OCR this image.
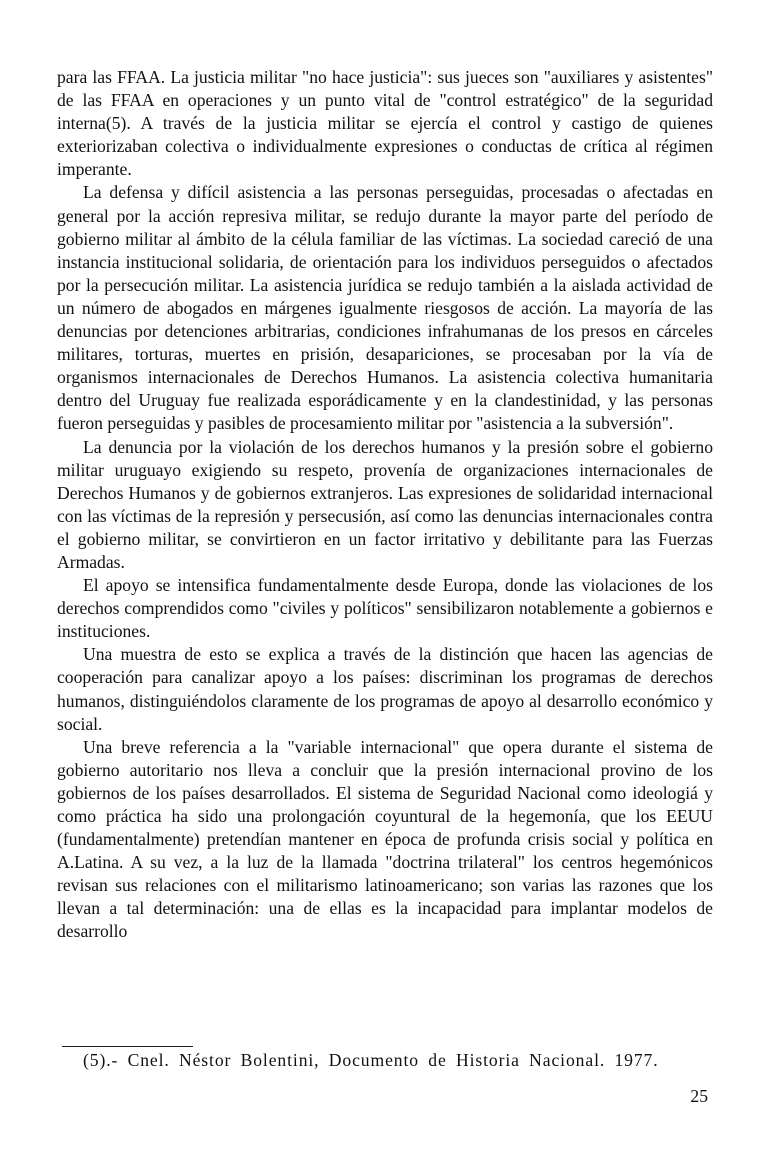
para las FFAA. La justicia militar "no hace justicia": sus jueces son "auxiliares y asistentes" de las FFAA en operaciones y un punto vital de "control estratégico" de la seguridad interna(5). A través de la justicia militar se ejercía el control y castigo de quienes exteriorizaban colectiva o individualmente expresiones o conductas de crítica al régimen imperante.

La defensa y difícil asistencia a las personas perseguidas, procesadas o afectadas en general por la acción represiva militar, se redujo durante la mayor parte del período de gobierno militar al ámbito de la célula familiar de las víctimas. La sociedad careció de una instancia institucional solidaria, de orientación para los individuos perseguidos o afectados por la persecución militar. La asistencia jurídica se redujo también a la aislada actividad de un número de abogados en márgenes igualmente riesgosos de acción. La mayoría de las denuncias por detenciones arbitrarias, condiciones infrahumanas de los presos en cárceles militares, torturas, muertes en prisión, desapariciones, se procesaban por la vía de organismos internacionales de Derechos Humanos. La asistencia colectiva humanitaria dentro del Uruguay fue realizada esporádicamente y en la clandestinidad, y las personas fueron perseguidas y pasibles de procesamiento militar por "asistencia a la subversión".

La denuncia por la violación de los derechos humanos y la presión sobre el gobierno militar uruguayo exigiendo su respeto, provenía de organizaciones internacionales de Derechos Humanos y de gobiernos extranjeros. Las expresiones de solidaridad internacional con las víctimas de la represión y persecusión, así como las denuncias internacionales contra el gobierno militar, se convirtieron en un factor irritativo y debilitante para las Fuerzas Armadas.

El apoyo se intensifica fundamentalmente desde Europa, donde las violaciones de los derechos comprendidos como "civiles y políticos" sensibilizaron notablemente a gobiernos e instituciones.

Una muestra de esto se explica a través de la distinción que hacen las agencias de cooperación para canalizar apoyo a los países: discriminan los programas de derechos humanos, distinguiéndolos claramente de los programas de apoyo al desarrollo económico y social.

Una breve referencia a la "variable internacional" que opera durante el sistema de gobierno autoritario nos lleva a concluir que la presión internacional provino de los gobiernos de los países desarrollados. El sistema de Seguridad Nacional como ideologiá y como práctica ha sido una prolongación coyuntural de la hegemonía, que los EEUU (fundamentalmente) pretendían mantener en época de profunda crisis social y política en A.Latina. A su vez, a la luz de la llamada "doctrina trilateral" los centros hegemónicos revisan sus relaciones con el militarismo latinoamericano; son varias las razones que los llevan a tal determinación: una de ellas es la incapacidad para implantar modelos de desarrollo

(5).- Cnel. Néstor Bolentini, Documento de Historia Nacional. 1977.
25
